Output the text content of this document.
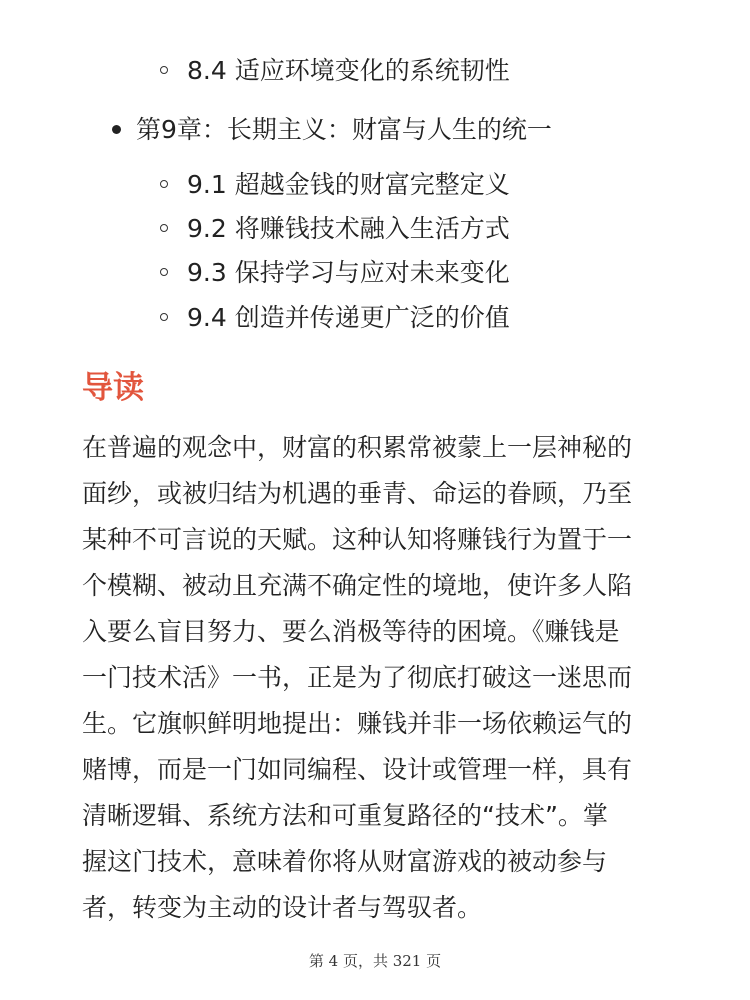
8.4 适应环境变化的系统韧性
第9章：长期主义：财富与人生的统一
9.1 超越金钱的财富完整定义
9.2 将赚钱技术融入生活方式
9.3 保持学习与应对未来变化
9.4 创造并传递更广泛的价值
导读
在普遍的观念中，财富的积累常被蒙上一层神秘的
面纱，或被归结为机遇的垂青、命运的眷顾，乃至
某种不可言说的天赋。这种认知将赚钱行为置于一
个模糊、被动且充满不确定性的境地，使许多人陷
入要么盲目努力、要么消极等待的困境。《赚钱是
一门技术活》一书，正是为了彻底打破这一迷思而
生。它旗帜鲜明地提出：赚钱并非一场依赖运气的
赌博，而是一门如同编程、设计或管理一样，具有
清晰逻辑、系统方法和可重复路径的“技术”。掌
握这门技术，意味着你将从财富游戏的被动参与
者，转变为主动的设计者与驾驭者。
第 4 页，共 321 页
